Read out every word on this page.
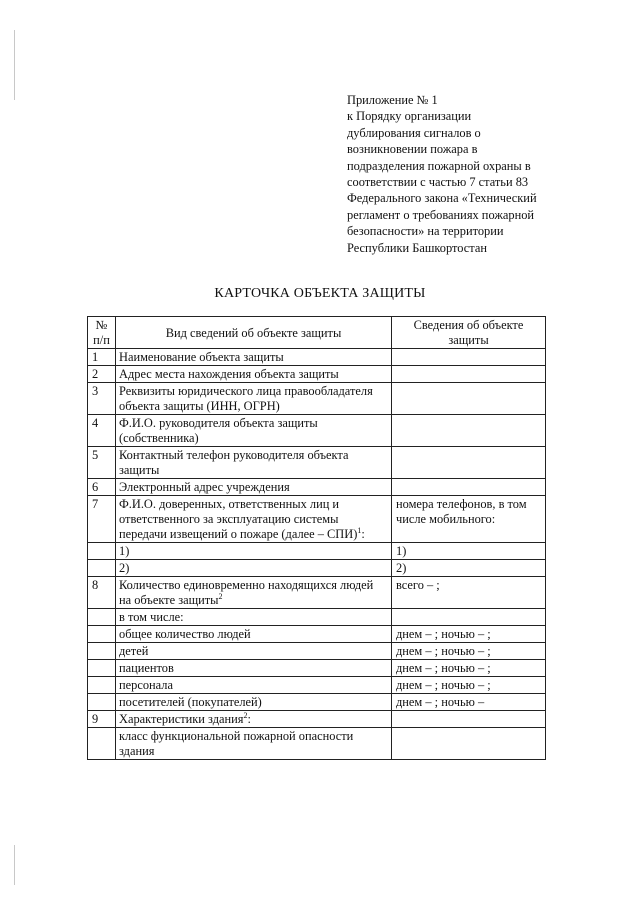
Приложение № 1
к Порядку организации
дублирования сигналов о
возникновении пожара в
подразделения пожарной охраны в
соответствии с частью 7 статьи 83
Федерального закона «Технический
регламент о требованиях пожарной
безопасности» на территории
Республики Башкортостан
КАРТОЧКА ОБЪЕКТА ЗАЩИТЫ
№ п/п	Вид сведений об объекте защиты	Сведения об объекте защиты
1	Наименование объекта защиты	
2	Адрес места нахождения объекта защиты	
3	Реквизиты юридического лица правообладателя объекта защиты (ИНН, ОГРН)	
4	Ф.И.О. руководителя объекта защиты (собственника)	
5	Контактный телефон руководителя объекта защиты	
6	Электронный адрес учреждения	
7	Ф.И.О. доверенных, ответственных лиц и ответственного за эксплуатацию системы передачи извещений о пожаре (далее – СПИ)$^1$:	номера телефонов, в том числе мобильного:
	1)	1)
	2)	2)
8	Количество единовременно находящихся людей на объекте защиты$^2$	всего – ;
	в том числе:	
	общее количество людей	днем – ; ночью – ;
	детей	днем – ; ночью – ;
	пациентов	днем – ; ночью – ;
	персонала	днем – ; ночью – ;
	посетителей (покупателей)	днем – ; ночью –
9	Характеристики здания$^2$:	
	класс функциональной пожарной опасности здания	
